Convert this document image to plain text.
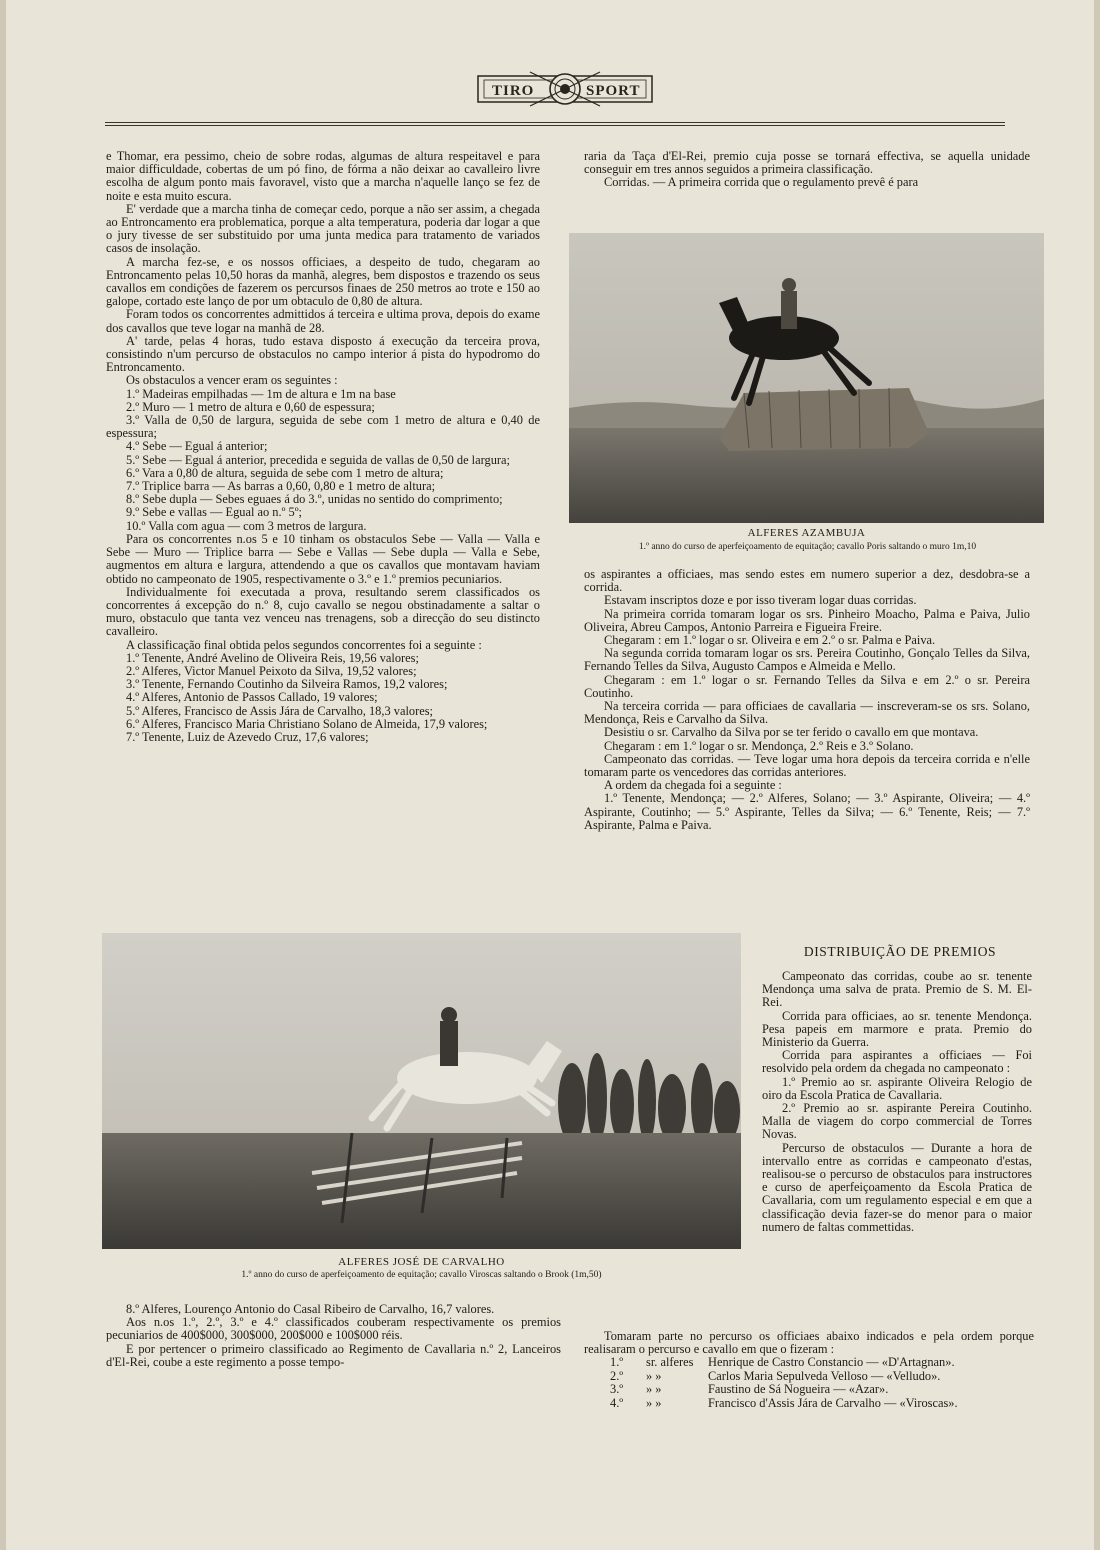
TIRO	SPORT

e Thomar, era pessimo, cheio de sobre rodas, algumas de altura respeitavel e para maior difficuldade, cobertas de um pó fino, de fórma a não deixar ao cavalleiro livre escolha de algum ponto mais favoravel, visto que a marcha n'aquelle lanço se fez de noite e esta muito escura.

E' verdade que a marcha tinha de começar cedo, porque a não ser assim, a chegada ao Entroncamento era problematica, porque a alta temperatura, poderia dar logar a que o jury tivesse de ser substituido por uma junta medica para tratamento de variados casos de insolação.

A marcha fez-se, e os nossos officiaes, a despeito de tudo, chegaram ao Entroncamento pelas 10,50 horas da manhã, alegres, bem dispostos e trazendo os seus cavallos em condições de fazerem os percursos finaes de 250 metros ao trote e 150 ao galope, cortado este lanço de por um obtaculo de 0,80 de altura.

Foram todos os concorrentes admittidos á terceira e ultima prova, depois do exame dos cavallos que teve logar na manhã de 28.

A' tarde, pelas 4 horas, tudo estava disposto á execução da terceira prova, consistindo n'um percurso de obstaculos no campo interior á pista do hypodromo do Entroncamento.

Os obstaculos a vencer eram os seguintes :

1.º Madeiras empilhadas — 1m de altura e 1m na base

2.º Muro — 1 metro de altura e 0,60 de espessura;

3.º Valla de 0,50 de largura, seguida de sebe com 1 metro de altura e 0,40 de espessura;

4.º Sebe — Egual á anterior;

5.º Sebe — Egual á anterior, precedida e seguida de vallas de 0,50 de largura;

6.º Vara a 0,80 de altura, seguida de sebe com 1 metro de altura;

7.º Triplice barra — As barras a 0,60, 0,80 e 1 metro de altura;

8.º Sebe dupla — Sebes eguaes á do 3.º, unidas no sentido do comprimento;

9.º Sebe e vallas — Egual ao n.º 5º;

10.º Valla com agua — com 3 metros de largura.

Para os concorrentes n.os 5 e 10 tinham os obstaculos Sebe — Valla — Valla e Sebe — Muro — Triplice barra — Sebe e Vallas — Sebe dupla — Valla e Sebe, augmentos em altura e largura, attendendo a que os cavallos que montavam haviam obtido no campeonato de 1905, respectivamente o 3.º e 1.º premios pecuniarios.

Individualmente foi executada a prova, resultando serem classificados os concorrentes á excepção do n.º 8, cujo cavallo se negou obstinadamente a saltar o muro, obstaculo que tanta vez venceu nas trenagens, sob a direcção do seu distincto cavalleiro.

A classificação final obtida pelos segundos concorrentes foi a seguinte :

1.º Tenente, André Avelino de Oliveira Reis, 19,56 valores;

2.º Alferes, Victor Manuel Peixoto da Silva, 19,52 valores;

3.º Tenente, Fernando Coutinho da Silveira Ramos, 19,2 valores;

4.º Alferes, Antonio de Passos Callado, 19 valores;

5.º Alferes, Francisco de Assis Jára de Carvalho, 18,3 valores;

6.º Alferes, Francisco Maria Christiano Solano de Almeida, 17,9 valores;

7.º Tenente, Luiz de Azevedo Cruz, 17,6 valores;

raria da Taça d'El-Rei, premio cuja posse se tornará effectiva, se aquella unidade conseguir em tres annos seguidos a primeira classificação.

Corridas. — A primeira corrida que o regulamento prevê é para

ALFERES AZAMBUJA
1.º anno do curso de aperfeiçoamento de equitação; cavallo Poris saltando o muro 1m,10

os aspirantes a officiaes, mas sendo estes em numero superior a dez, desdobra-se a corrida.

Estavam inscriptos doze e por isso tiveram logar duas corridas.

Na primeira corrida tomaram logar os srs. Pinheiro Moacho, Palma e Paiva, Julio Oliveira, Abreu Campos, Antonio Parreira e Figueira Freire.

Chegaram : em 1.º logar o sr. Oliveira e em 2.º o sr. Palma e Paiva.

Na segunda corrida tomaram logar os srs. Pereira Coutinho, Gonçalo Telles da Silva, Fernando Telles da Silva, Augusto Campos e Almeida e Mello.

Chegaram : em 1.º logar o sr. Fernando Telles da Silva e em 2.º o sr. Pereira Coutinho.

Na terceira corrida — para officiaes de cavallaria — inscreveram-se os srs. Solano, Mendonça, Reis e Carvalho da Silva.

Desistiu o sr. Carvalho da Silva por se ter ferido o cavallo em que montava.

Chegaram : em 1.º logar o sr. Mendonça, 2.º Reis e 3.º Solano.

Campeonato das corridas. — Teve logar uma hora depois da terceira corrida e n'elle tomaram parte os vencedores das corridas anteriores.

A ordem da chegada foi a seguinte :

1.º Tenente, Mendonça; — 2.º Alferes, Solano; — 3.º Aspirante, Oliveira; — 4.º Aspirante, Coutinho; — 5.º Aspirante, Telles da Silva; — 6.º Tenente, Reis; — 7.º Aspirante, Palma e Paiva.

DISTRIBUIÇÃO DE PREMIOS

Campeonato das corridas, coube ao sr. tenente Mendonça uma salva de prata. Premio de S. M. El-Rei.

Corrida para officiaes, ao sr. tenente Mendonça. Pesa papeis em marmore e prata. Premio do Ministerio da Guerra.

Corrida para aspirantes a officiaes — Foi resolvido pela ordem da chegada no campeonato :

1.º Premio ao sr. aspirante Oliveira Relogio de oiro da Escola Pratica de Cavallaria.

2.º Premio ao sr. aspirante Pereira Coutinho. Malla de viagem do corpo commercial de Torres Novas.

Percurso de obstaculos — Durante a hora de intervallo entre as corridas e campeonato d'estas, realisou-se o percurso de obstaculos para instructores e curso de aperfeiçoamento da Escola Pratica de Cavallaria, com um regulamento especial e em que a classificação devia fazer-se do menor para o maior numero de faltas commettidas.

ALFERES JOSÉ DE CARVALHO
1.º anno do curso de aperfeiçoamento de equitação; cavallo Viroscas saltando o Brook (1m,50)

8.º Alferes, Lourenço Antonio do Casal Ribeiro de Carvalho, 16,7 valores.

Aos n.os 1.º, 2.º, 3.º e 4.º classificados couberam respectivamente os premios pecuniarios de 400$000, 300$000, 200$000 e 100$000 réis.

E por pertencer o primeiro classificado ao Regimento de Cavallaria n.º 2, Lanceiros d'El-Rei, coube a este regimento a posse tempo-

Tomaram parte no percurso os officiaes abaixo indicados e pela ordem porque realisaram o percurso e cavallo em que o fizeram :

1.º	sr. alferes	Henrique de Castro Constancio — «D'Artagnan».
2.º	» »	Carlos Maria Sepulveda Velloso — «Velludo».
3.º	» »	Faustino de Sá Nogueira — «Azar».
4.º	» »	Francisco d'Assis Jára de Carvalho — «Viroscas».
